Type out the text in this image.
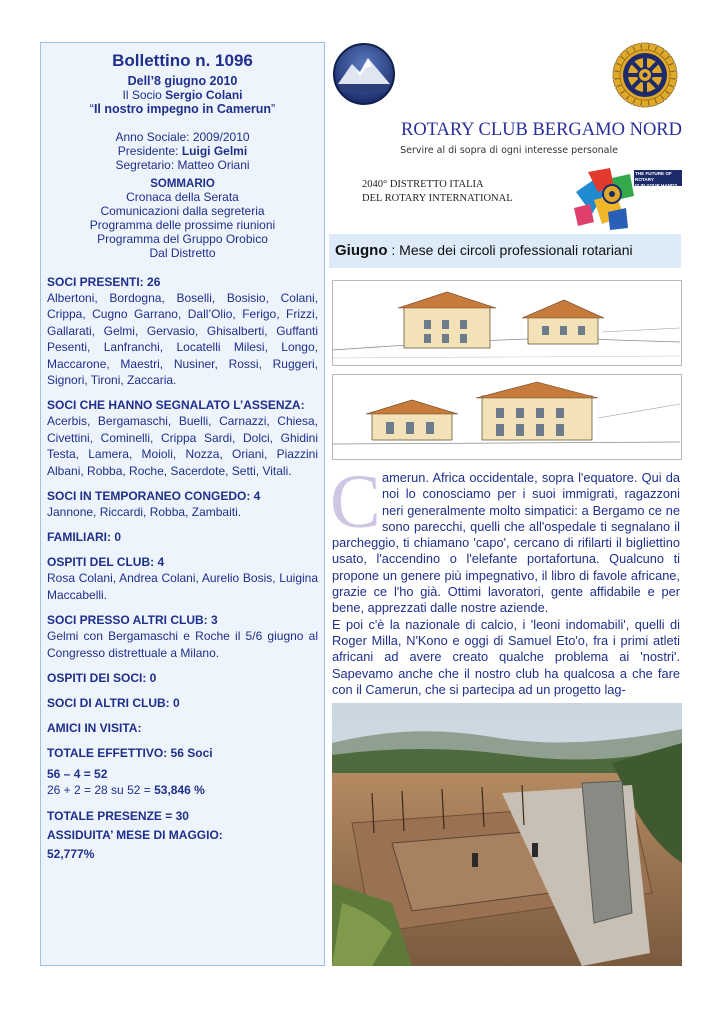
Bollettino n. 1096
Dell’8 giugno 2010
Il Socio Sergio Colani
“Il nostro impegno in Camerun”
Anno Sociale: 2009/2010
Presidente: Luigi Gelmi
Segretario: Matteo Oriani
SOMMARIO
Cronaca della Serata
Comunicazioni dalla segreteria
Programma delle prossime riunioni
Programma del Gruppo Orobico
Dal Distretto
SOCI PRESENTI: 26
Albertoni, Bordogna, Boselli, Bosisio, Colani, Crippa, Cugno Garrano, Dall’Olio, Ferigo, Frizzi, Gallarati, Gelmi, Gervasio, Ghisalberti, Guffanti Pesenti, Lanfranchi, Locatelli Milesi, Longo, Maccarone, Maestri, Nusiner, Rossi, Ruggeri, Signori, Tironi, Zaccaria.
SOCI CHE HANNO SEGNALATO L’ASSENZA:
Acerbis, Bergamaschi, Buelli, Carnazzi, Chiesa, Civettini, Cominelli, Crippa Sardi, Dolci, Ghidini Testa, Lamera, Moioli, Nozza, Oriani, Piazzini Albani, Robba, Roche, Sacerdote, Setti, Vitali.
SOCI IN TEMPORANEO CONGEDO: 4
Jannone, Riccardi, Robba, Zambaiti.
FAMILIARI: 0
OSPITI DEL CLUB: 4
Rosa Colani, Andrea Colani, Aurelio Bosis, Luigina Maccabelli.
SOCI PRESSO ALTRI CLUB: 3
Gelmi con Bergamaschi e Roche il 5/6 giugno al Congresso distrettuale a Milano.
OSPITI DEI SOCI: 0
SOCI DI ALTRI CLUB: 0
AMICI IN VISITA:
TOTALE EFFETTIVO: 56 Soci
56 – 4 = 52
26 + 2 = 28 su 52 = 53,846 %
TOTALE PRESENZE = 30
ASSIDUITA’ MESE DI MAGGIO:
52,777%
ROTARY CLUB BERGAMO NORD
Servire al di sopra di ogni interesse personale
2040° DISTRETTO ITALIA
DEL ROTARY INTERNATIONAL
THE FUTURE OF ROTARY
IS IN YOUR HANDS
Giugno : Mese dei circoli professionali rotariani
C amerun. Africa occidentale, sopra l'equatore. Qui da noi lo conosciamo per i suoi immigrati, ragazzoni neri generalmente molto simpatici: a Bergamo ce ne sono parecchi, quelli che all'ospedale ti segnalano il parcheggio, ti chiamano 'capo', cercano di rifilarti il bigliettino usato, l'accendino o l'elefante portafortuna. Qualcuno ti propone un genere più impegnativo, il libro di favole africane, grazie ce l'ho già. Ottimi lavoratori, gente affidabile e per bene, apprezzati dalle nostre aziende.
E poi c'è la nazionale di calcio, i 'leoni indomabili', quelli di Roger Milla, N'Kono e oggi di Samuel Eto'o, fra i primi atleti africani ad avere creato qualche problema ai 'nostri'. Sapevamo anche che il nostro club ha qualcosa a che fare con il Camerun, che si partecipa ad un progetto lag-
